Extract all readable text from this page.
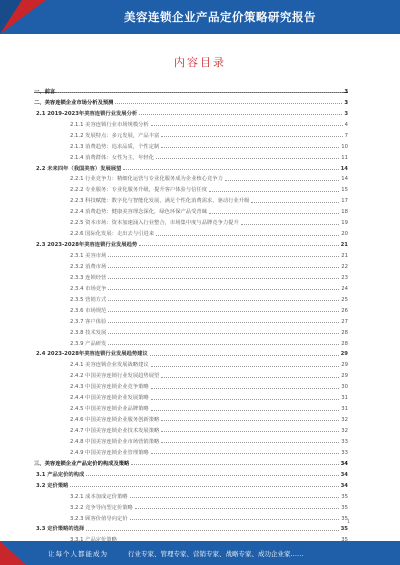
美容连锁企业产品定价策略研究报告
内容目录
一、前言	3
二、美容连锁企业市场分析及预测	3
2.1 2019-2023年美容连锁行业发展分析	3
2.1.1 美容连锁行业市场规模分析	4
2.1.2 发展特点：多元发展，产品丰富	7
2.1.3 消费趋势：追求品质，个性定制	10
2.1.4 消费群体：女性为主，年轻化	11
2.2 未来四年（我国美容）发展展望	14
2.2.1 行业竞争力：精细化运营与专业化服务成为企业核心竞争力	14
2.2.2 专业服务：专业化服务升级，提升客户体验与信任度	15
2.2.3 科技赋能：数字化与智能化发展，满足个性化消费需求，驱动行业升级	17
2.2.4 消费趋势：健康美容理念深化，绿色环保产品受青睐	18
2.2.5 资本市场：资本加速涌入行业整合，市场集中度与品牌竞争力提升	19
2.2.6 国际化发展：走出去与引进来	20
2.3 2023-2028年美容连锁行业发展趋势	21
2.3.1 美容市场	21
2.3.2 消费市场	22
2.3.3 连锁经营	23
2.3.4 市场竞争	24
2.3.5 营销方式	25
2.3.6 市场规范	26
2.3.7 客户体验	27
2.3.8 技术发展	28
2.3.9 产品研发	28
2.4 2023-2028年美容连锁行业发展趋势建议	29
2.4.1 美容连锁企业发展战略建议	29
2.4.2 中国美容连锁行业发展趋势展望	29
2.4.3 中国美容连锁企业竞争策略	30
2.4.4 中国美容连锁企业发展策略	31
2.4.5 中国美容连锁企业品牌策略	31
2.4.6 中国美容连锁企业服务创新策略	32
2.4.7 中国美容连锁企业技术发展策略	32
2.4.8 中国美容连锁企业市场营销策略	33
2.4.9 中国美容连锁企业管理策略	33
三、美容连锁企业产品定价的构成及策略	34
3.1 产品定价的构成	34
3.2 定价策略	34
3.2.1 成本加成定价策略	35
3.2.2 竞争导向型定价策略	35
3.2.3 顾客价值导向定价	35
3.3 定价策略的选择	35
1
让每个人都能成为	行业专家、管理专家、营销专家、战略专家、成功企业家……
